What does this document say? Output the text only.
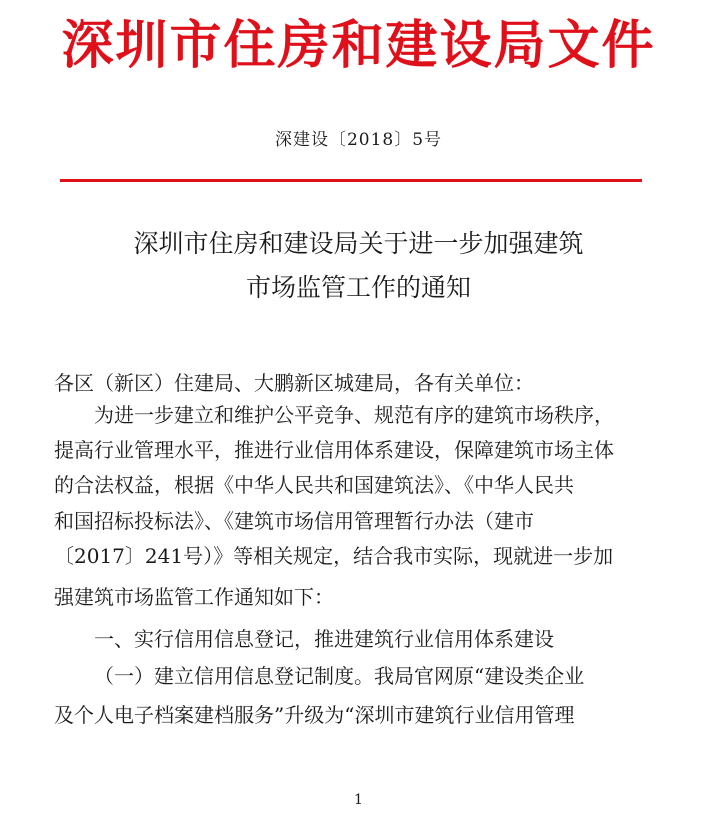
深圳市住房和建设局文件
深建设〔2018〕5号
深圳市住房和建设局关于进一步加强建筑
市场监管工作的通知
各区（新区）住建局、大鹏新区城建局，各有关单位：
为进一步建立和维护公平竞争、规范有序的建筑市场秩序，
提高行业管理水平，推进行业信用体系建设，保障建筑市场主体
的合法权益，根据《中华人民共和国建筑法》、《中华人民共
和国招标投标法》、《建筑市场信用管理暂行办法（建市
〔2017〕241号）》等相关规定，结合我市实际，现就进一步加
强建筑市场监管工作通知如下：
一、实行信用信息登记，推进建筑行业信用体系建设
（一）建立信用信息登记制度。我局官网原“建设类企业
及个人电子档案建档服务”升级为“深圳市建筑行业信用管理
1
